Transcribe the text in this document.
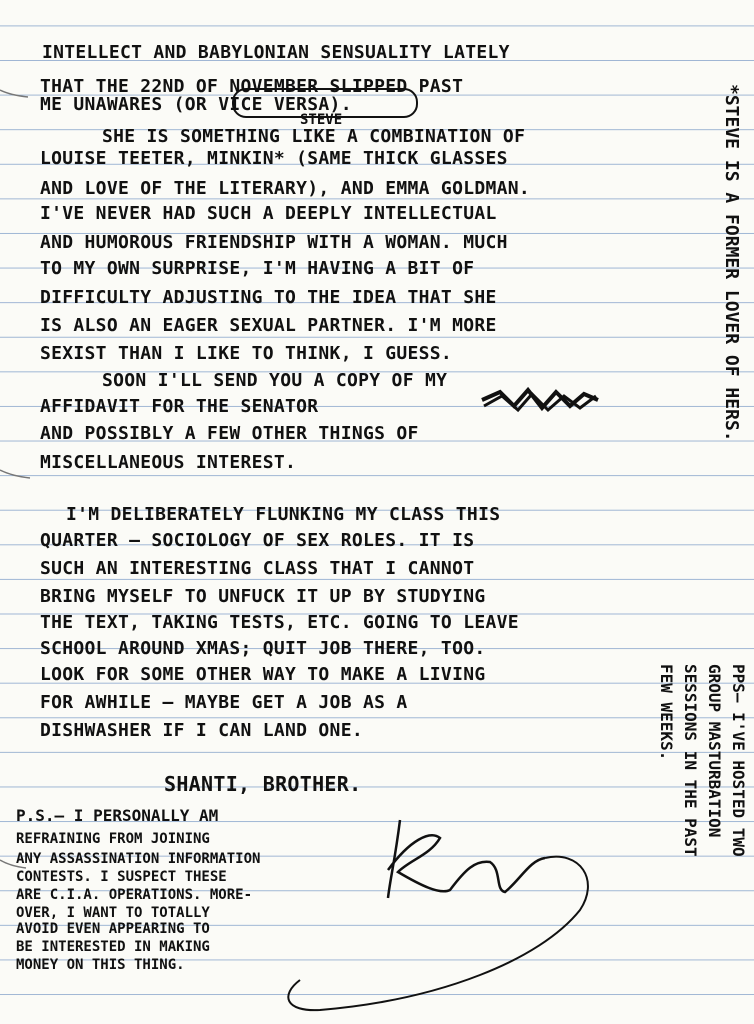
INTELLECT AND BABYLONIAN SENSUALITY LATELY
THAT THE 22ND OF NOVEMBER SLIPPED PAST
ME UNAWARES (OR VICE VERSA).
STEVE
SHE IS SOMETHING LIKE A COMBINATION OF
LOUISE TEETER, MINKIN* (SAME THICK GLASSES
AND LOVE OF THE LITERARY), AND EMMA GOLDMAN.
I'VE NEVER HAD SUCH A DEEPLY INTELLECTUAL
AND HUMOROUS FRIENDSHIP WITH A WOMAN. MUCH
TO MY OWN SURPRISE, I'M HAVING A BIT OF
DIFFICULTY ADJUSTING TO THE IDEA THAT SHE
IS ALSO AN EAGER SEXUAL PARTNER. I'M MORE
SEXIST THAN I LIKE TO THINK, I GUESS.
SOON I'LL SEND YOU A COPY OF MY
AFFIDAVIT FOR THE SENATOR
AND POSSIBLY A FEW OTHER THINGS OF
MISCELLANEOUS INTEREST.
I'M DELIBERATELY FLUNKING MY CLASS THIS
QUARTER — SOCIOLOGY OF SEX ROLES. IT IS
SUCH AN INTERESTING CLASS THAT I CANNOT
BRING MYSELF TO UNFUCK IT UP BY STUDYING
THE TEXT, TAKING TESTS, ETC. GOING TO LEAVE
SCHOOL AROUND XMAS; QUIT JOB THERE, TOO.
LOOK FOR SOME OTHER WAY TO MAKE A LIVING
FOR AWHILE — MAYBE GET A JOB AS A
DISHWASHER IF I CAN LAND ONE.
SHANTI, BROTHER.
P.S.— I PERSONALLY AM
REFRAINING FROM JOINING
ANY ASSASSINATION INFORMATION
CONTESTS. I SUSPECT THESE
ARE C.I.A. OPERATIONS. MORE-
OVER, I WANT TO TOTALLY
AVOID EVEN APPEARING TO
BE INTERESTED IN MAKING
MONEY ON THIS THING.
*STEVE IS A FORMER LOVER OF HERS.
PPS— I'VE HOSTED TWO
GROUP MASTURBATION
SESSIONS IN THE PAST
FEW WEEKS.
